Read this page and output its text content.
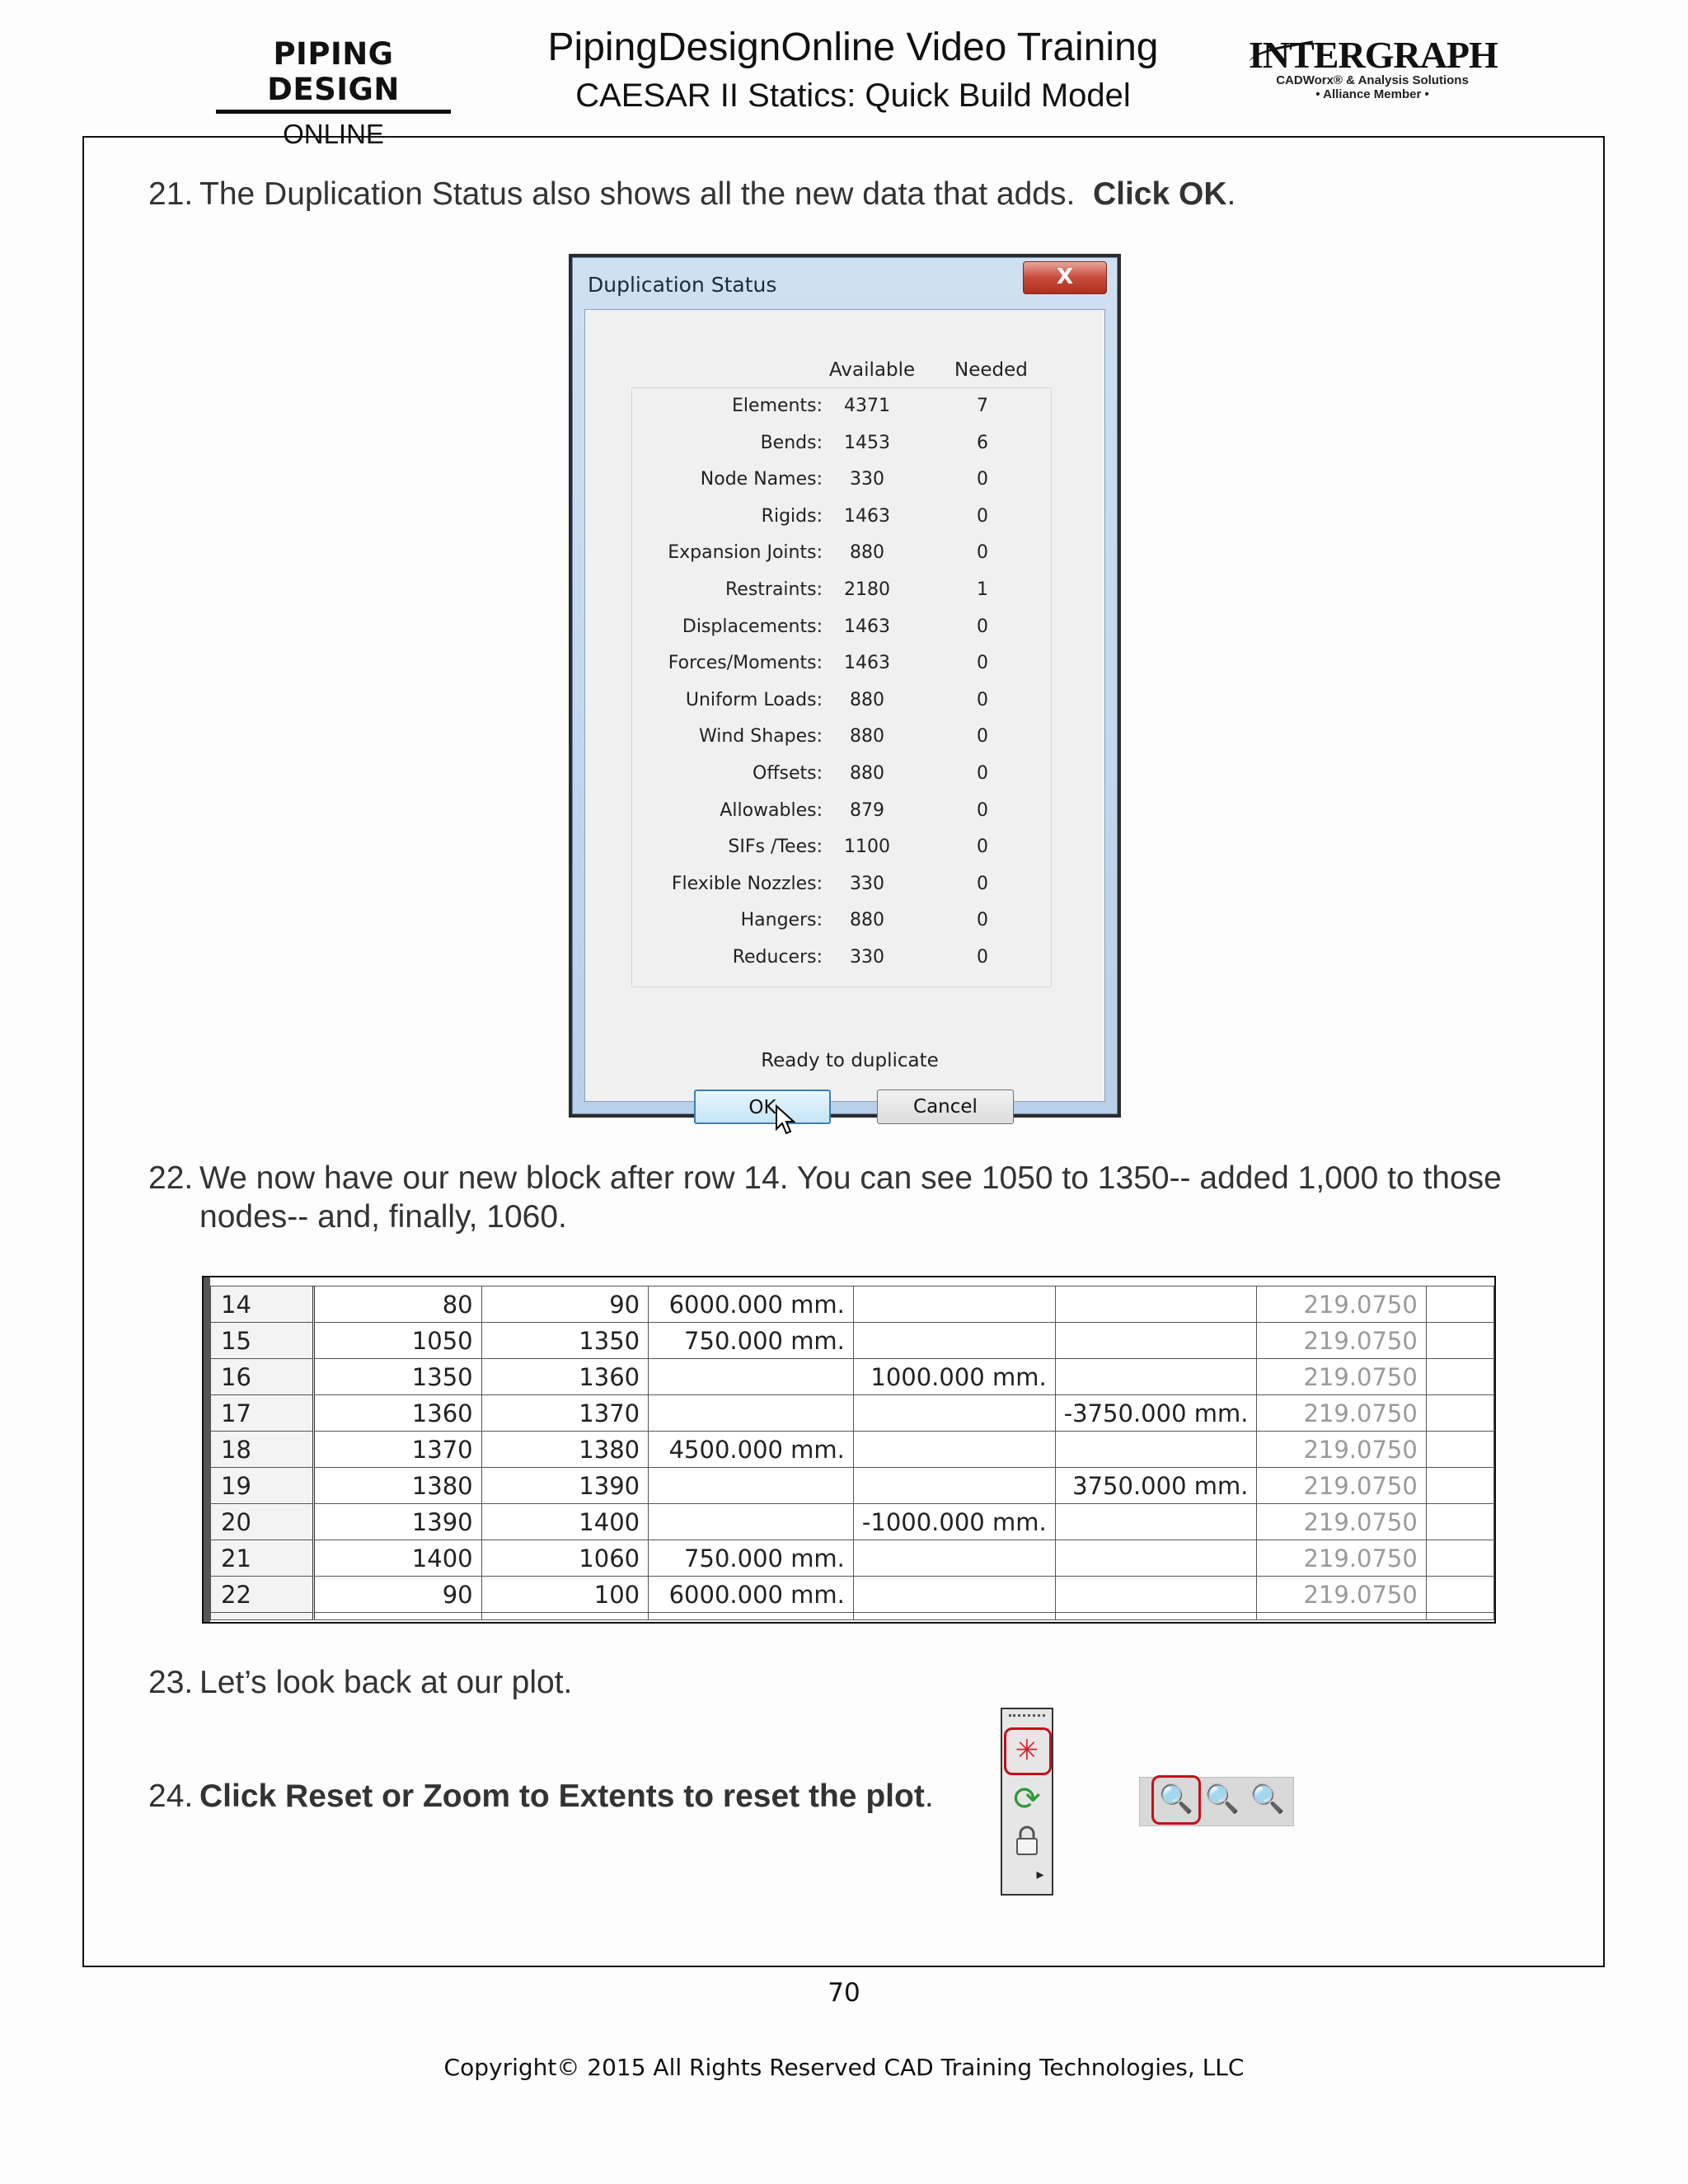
PIPING DESIGN
ONLINE
PipingDesignOnline Video Training
CAESAR II Statics: Quick Build Model
INTERGRAPH
CADWorx® & Analysis Solutions
• Alliance Member •
21. The Duplication Status also shows all the new data that adds. Click OK.
Duplication Status	X
Available Needed
Elements: 4371	7
Bends: 1453	6
Node Names:	330	0
Rigids: 1463	0
Expansion Joints:	880	0
Restraints: 2180	1
Displacements: 1463	0
Forces/Moments: 1463	0
Uniform Loads:	880	0
Wind Shapes:	880	0
Offsets:	880	0
Allowables:	879	0
SIFs /Tees: 1100	0
Flexible Nozzles:	330	0
Hangers:	880	0
Reducers:	330	0
Ready to duplicate
OK	Cancel
22. We now have our new block after row 14. You can see 1050 to 1350-- added 1,000 to those
nodes-- and, finally, 1060.
14	80	90	6000.000 mm.			219.0750	
15	1050	1350	750.000 mm.			219.0750	
16	1350	1360		1000.000 mm.		219.0750	
17	1360	1370			-3750.000 mm.	219.0750	
18	1370	1380	4500.000 mm.			219.0750	
19	1380	1390			3750.000 mm.	219.0750	
20	1390	1400		-1000.000 mm.		219.0750	
21	1400	1060	750.000 mm.			219.0750	
22	90	100	6000.000 mm.			219.0750	

23. Let’s look back at our plot.
24. Click Reset or Zoom to Extents to reset the plot.
✳
⟳
▸
🔍 🔍 🔍
70
Copyright© 2015 All Rights Reserved CAD Training Technologies, LLC
